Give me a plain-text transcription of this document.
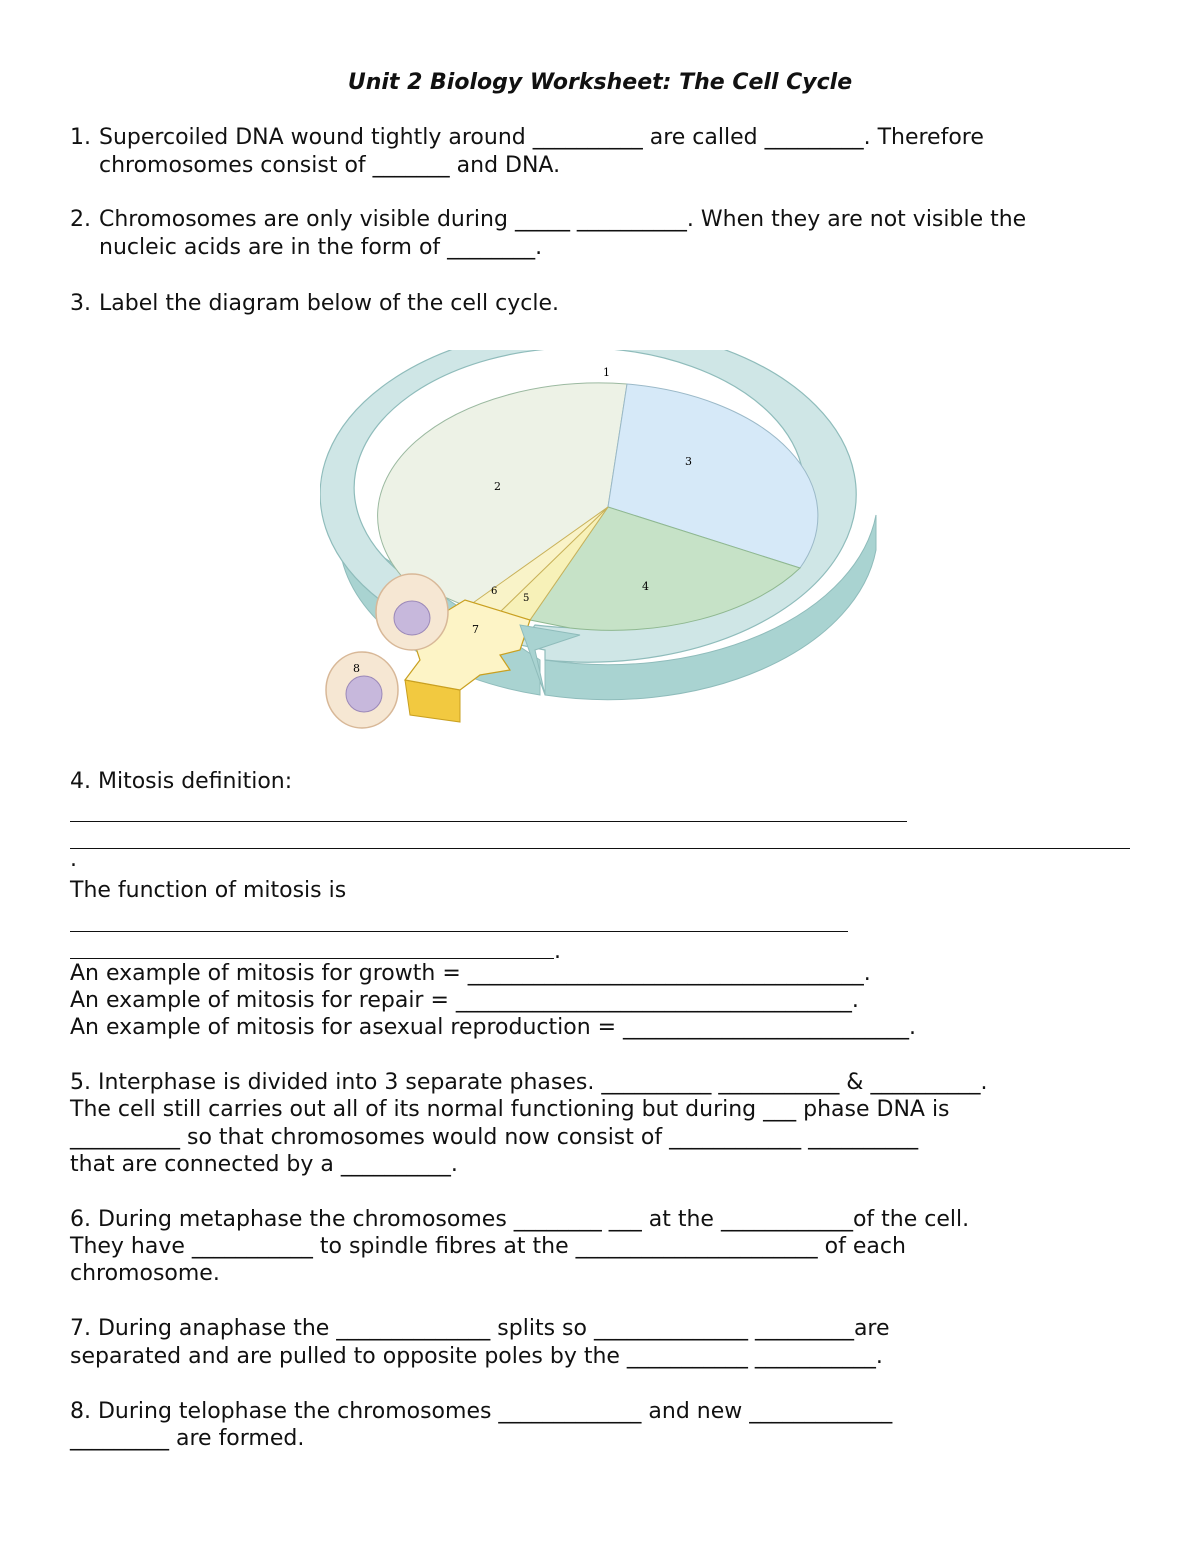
Unit 2 Biology Worksheet: The Cell Cycle
1. Supercoiled DNA wound tightly around __________ are called _________. Therefore
chromosomes consist of _______ and DNA.
2. Chromosomes are only visible during _____ __________. When they are not visible the
nucleic acids are in the form of ________.
3. Label the diagram below of the cell cycle.
1
2
3
4
5
6
7
8
4. Mitosis definition:
.
The function of mitosis is
.
An example of mitosis for growth = ____________________________________.
An example of mitosis for repair = ____________________________________.
An example of mitosis for asexual reproduction = __________________________.
5. Interphase is divided into 3 separate phases. __________ ___________ & __________.
The cell still carries out all of its normal functioning but during ___ phase DNA is
__________ so that chromosomes would now consist of ____________ __________
that are connected by a __________.
6. During metaphase the chromosomes ________ ___ at the ____________of the cell.
They have ___________ to spindle fibres at the ______________________ of each
chromosome.
7. During anaphase the ______________ splits so ______________ _________are
separated and are pulled to opposite poles by the ___________ ___________.
8. During telophase the chromosomes _____________ and new _____________
_________ are formed.
